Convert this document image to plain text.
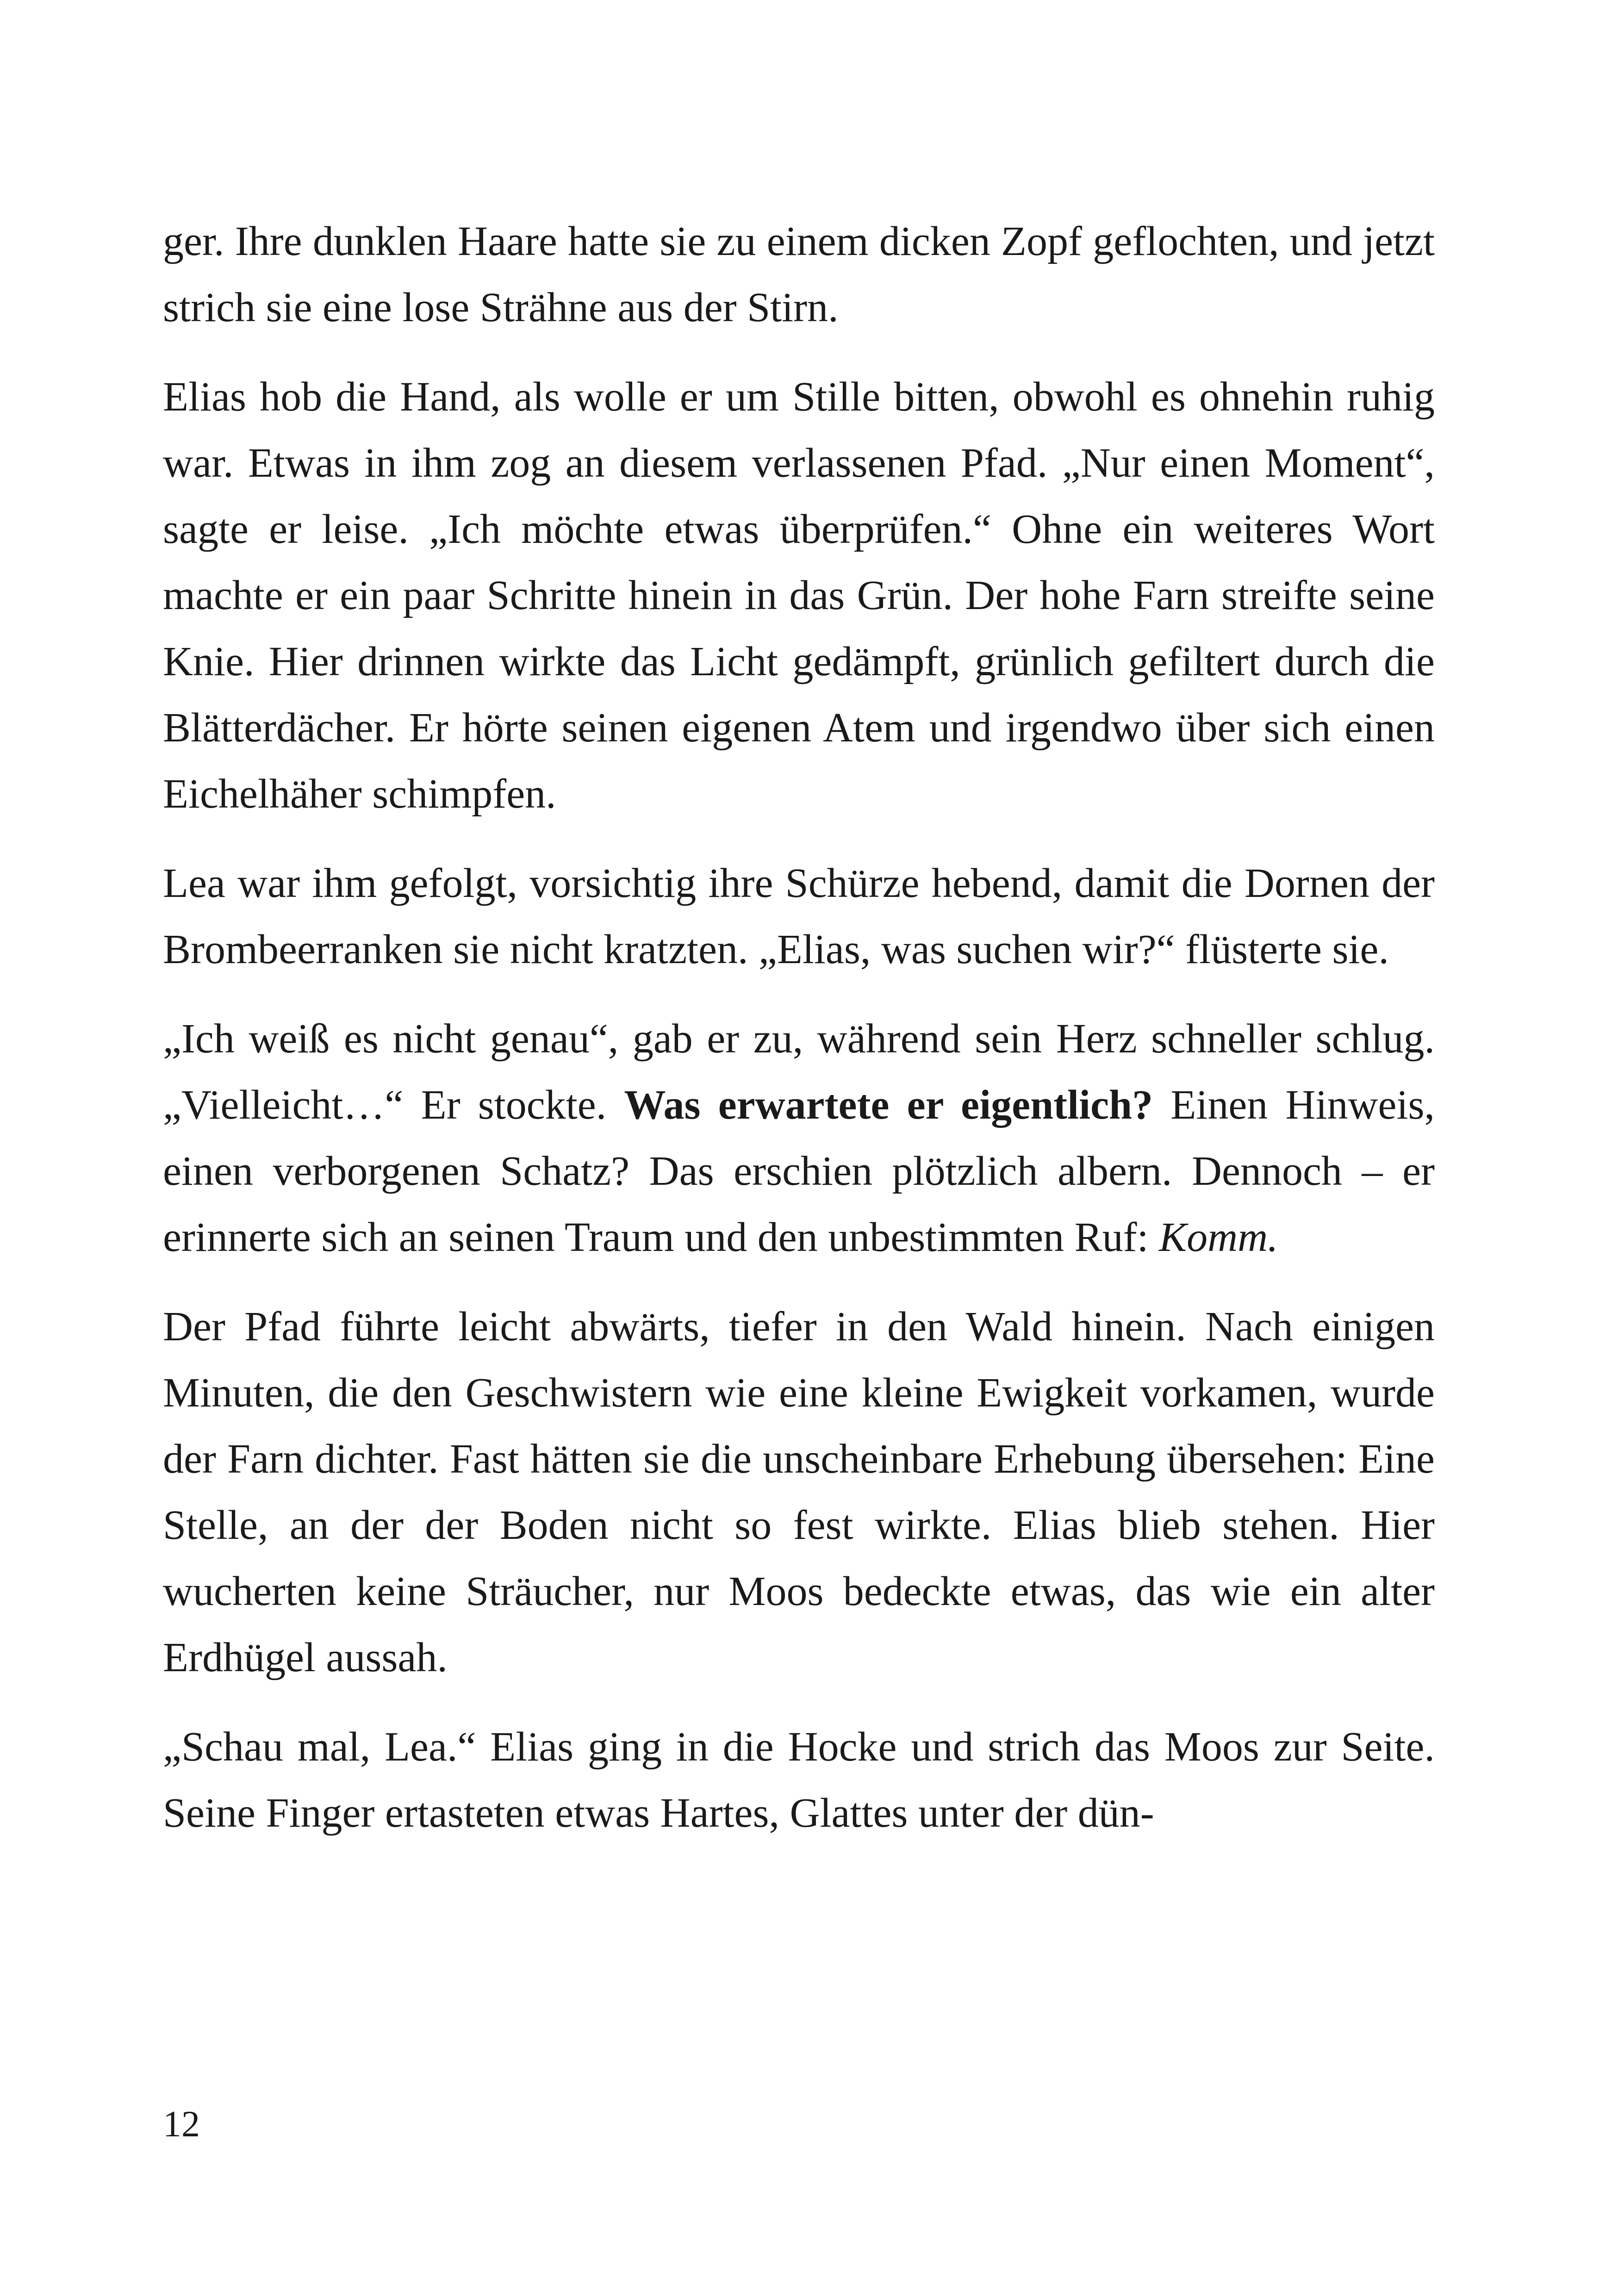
ger. Ihre dunklen Haare hatte sie zu einem dicken Zopf geflochten, und jetzt strich sie eine lose Strähne aus der Stirn.

Elias hob die Hand, als wolle er um Stille bitten, obwohl es ohnehin ruhig war. Etwas in ihm zog an diesem verlassenen Pfad. „Nur einen Moment“, sagte er leise. „Ich möchte etwas überprüfen.“ Ohne ein weiteres Wort machte er ein paar Schritte hinein in das Grün. Der hohe Farn streifte seine Knie. Hier drinnen wirkte das Licht gedämpft, grünlich gefiltert durch die Blätterdächer. Er hörte seinen eigenen Atem und irgendwo über sich einen Eichelhäher schimpfen.

Lea war ihm gefolgt, vorsichtig ihre Schürze hebend, damit die Dornen der Brombeerranken sie nicht kratzten. „Elias, was suchen wir?“ flüsterte sie.

„Ich weiß es nicht genau“, gab er zu, während sein Herz schneller schlug. „Vielleicht…“ Er stockte. Was erwartete er eigentlich? Einen Hinweis, einen verborgenen Schatz? Das erschien plötzlich albern. Dennoch – er erinnerte sich an seinen Traum und den unbestimmten Ruf: Komm.

Der Pfad führte leicht abwärts, tiefer in den Wald hinein. Nach einigen Minuten, die den Geschwistern wie eine kleine Ewigkeit vorkamen, wurde der Farn dichter. Fast hätten sie die unscheinbare Erhebung übersehen: Eine Stelle, an der der Boden nicht so fest wirkte. Elias blieb stehen. Hier wucherten keine Sträucher, nur Moos bedeckte etwas, das wie ein alter Erdhügel aussah.

„Schau mal, Lea.“ Elias ging in die Hocke und strich das Moos zur Seite. Seine Finger ertasteten etwas Hartes, Glattes unter der dün-

12
